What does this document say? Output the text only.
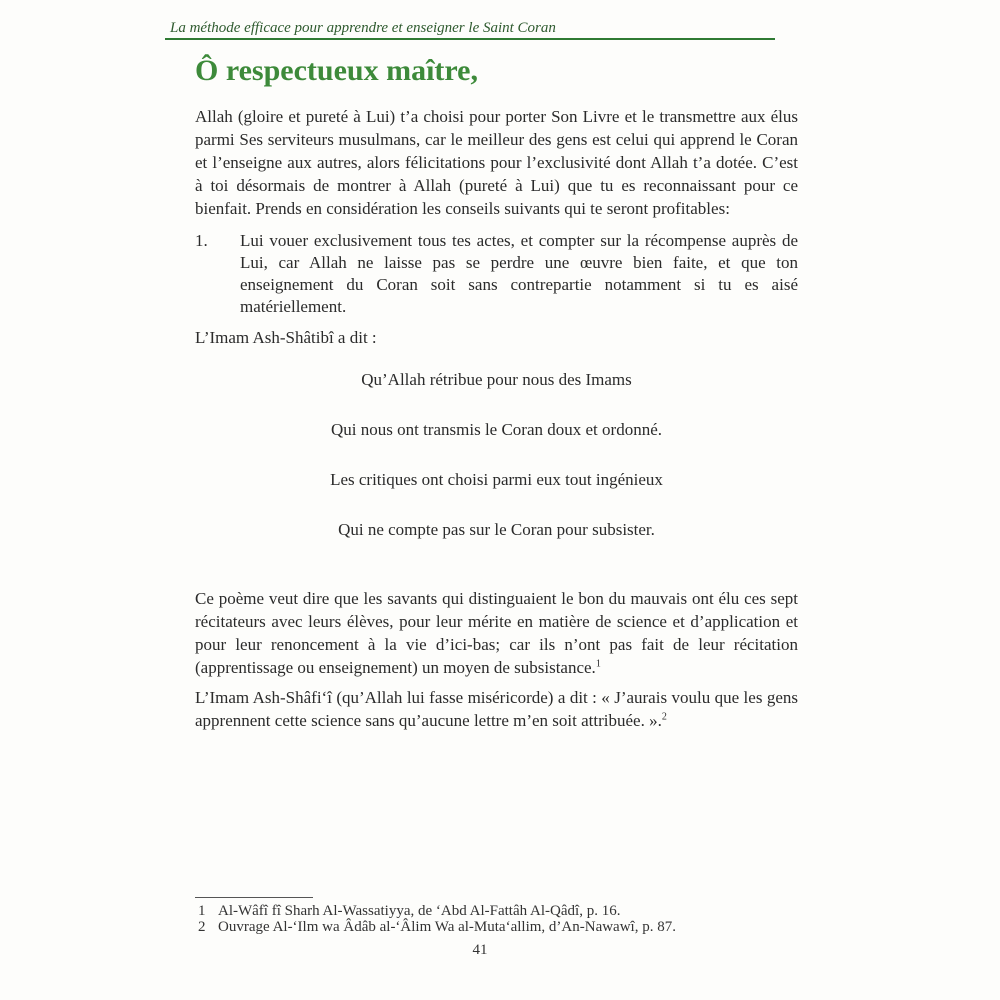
La méthode efficace pour apprendre et enseigner le Saint Coran
Ô respectueux maître,

Allah (gloire et pureté à Lui) t’a choisi pour porter Son Livre et le transmettre aux élus parmi Ses serviteurs musulmans, car le meilleur des gens est celui qui apprend le Coran et l’enseigne aux autres, alors félicitations pour l’exclusivité dont Allah t’a dotée. C’est à toi désormais de montrer à Allah (pureté à Lui) que tu es reconnaissant pour ce bienfait. Prends en considération les conseils suivants qui te seront profitables:

1.	Lui vouer exclusivement tous tes actes, et compter sur la récompense auprès de Lui, car Allah ne laisse pas se perdre une œuvre bien faite, et que ton enseignement du Coran soit sans contrepartie notamment si tu es aisé matériellement.
L’Imam Ash-Shâtibî a dit :
Qu’Allah rétribue pour nous des Imams
Qui nous ont transmis le Coran doux et ordonné.
Les critiques ont choisi parmi eux tout ingénieux
Qui ne compte pas sur le Coran pour subsister.

Ce poème veut dire que les savants qui distinguaient le bon du mauvais ont élu ces sept récitateurs avec leurs élèves, pour leur mérite en matière de science et d’application et pour leur renoncement à la vie d’ici-bas; car ils n’ont pas fait de leur récitation (apprentissage ou enseignement) un moyen de subsistance.$^1$

L’Imam Ash-Shâfi‘î (qu’Allah lui fasse miséricorde) a dit : « J’aurais voulu que les gens apprennent cette science sans qu’aucune lettre m’en soit attribuée. ».$^2$

1 Al-Wâfî fî Sharh Al-Wassatiyya, de ‘Abd Al-Fattâh Al-Qâdî, p. 16.
2 Ouvrage Al-‘Ilm wa Âdâb al-‘Âlim Wa al-Muta‘allim, d’An-Nawawî, p. 87.
41
